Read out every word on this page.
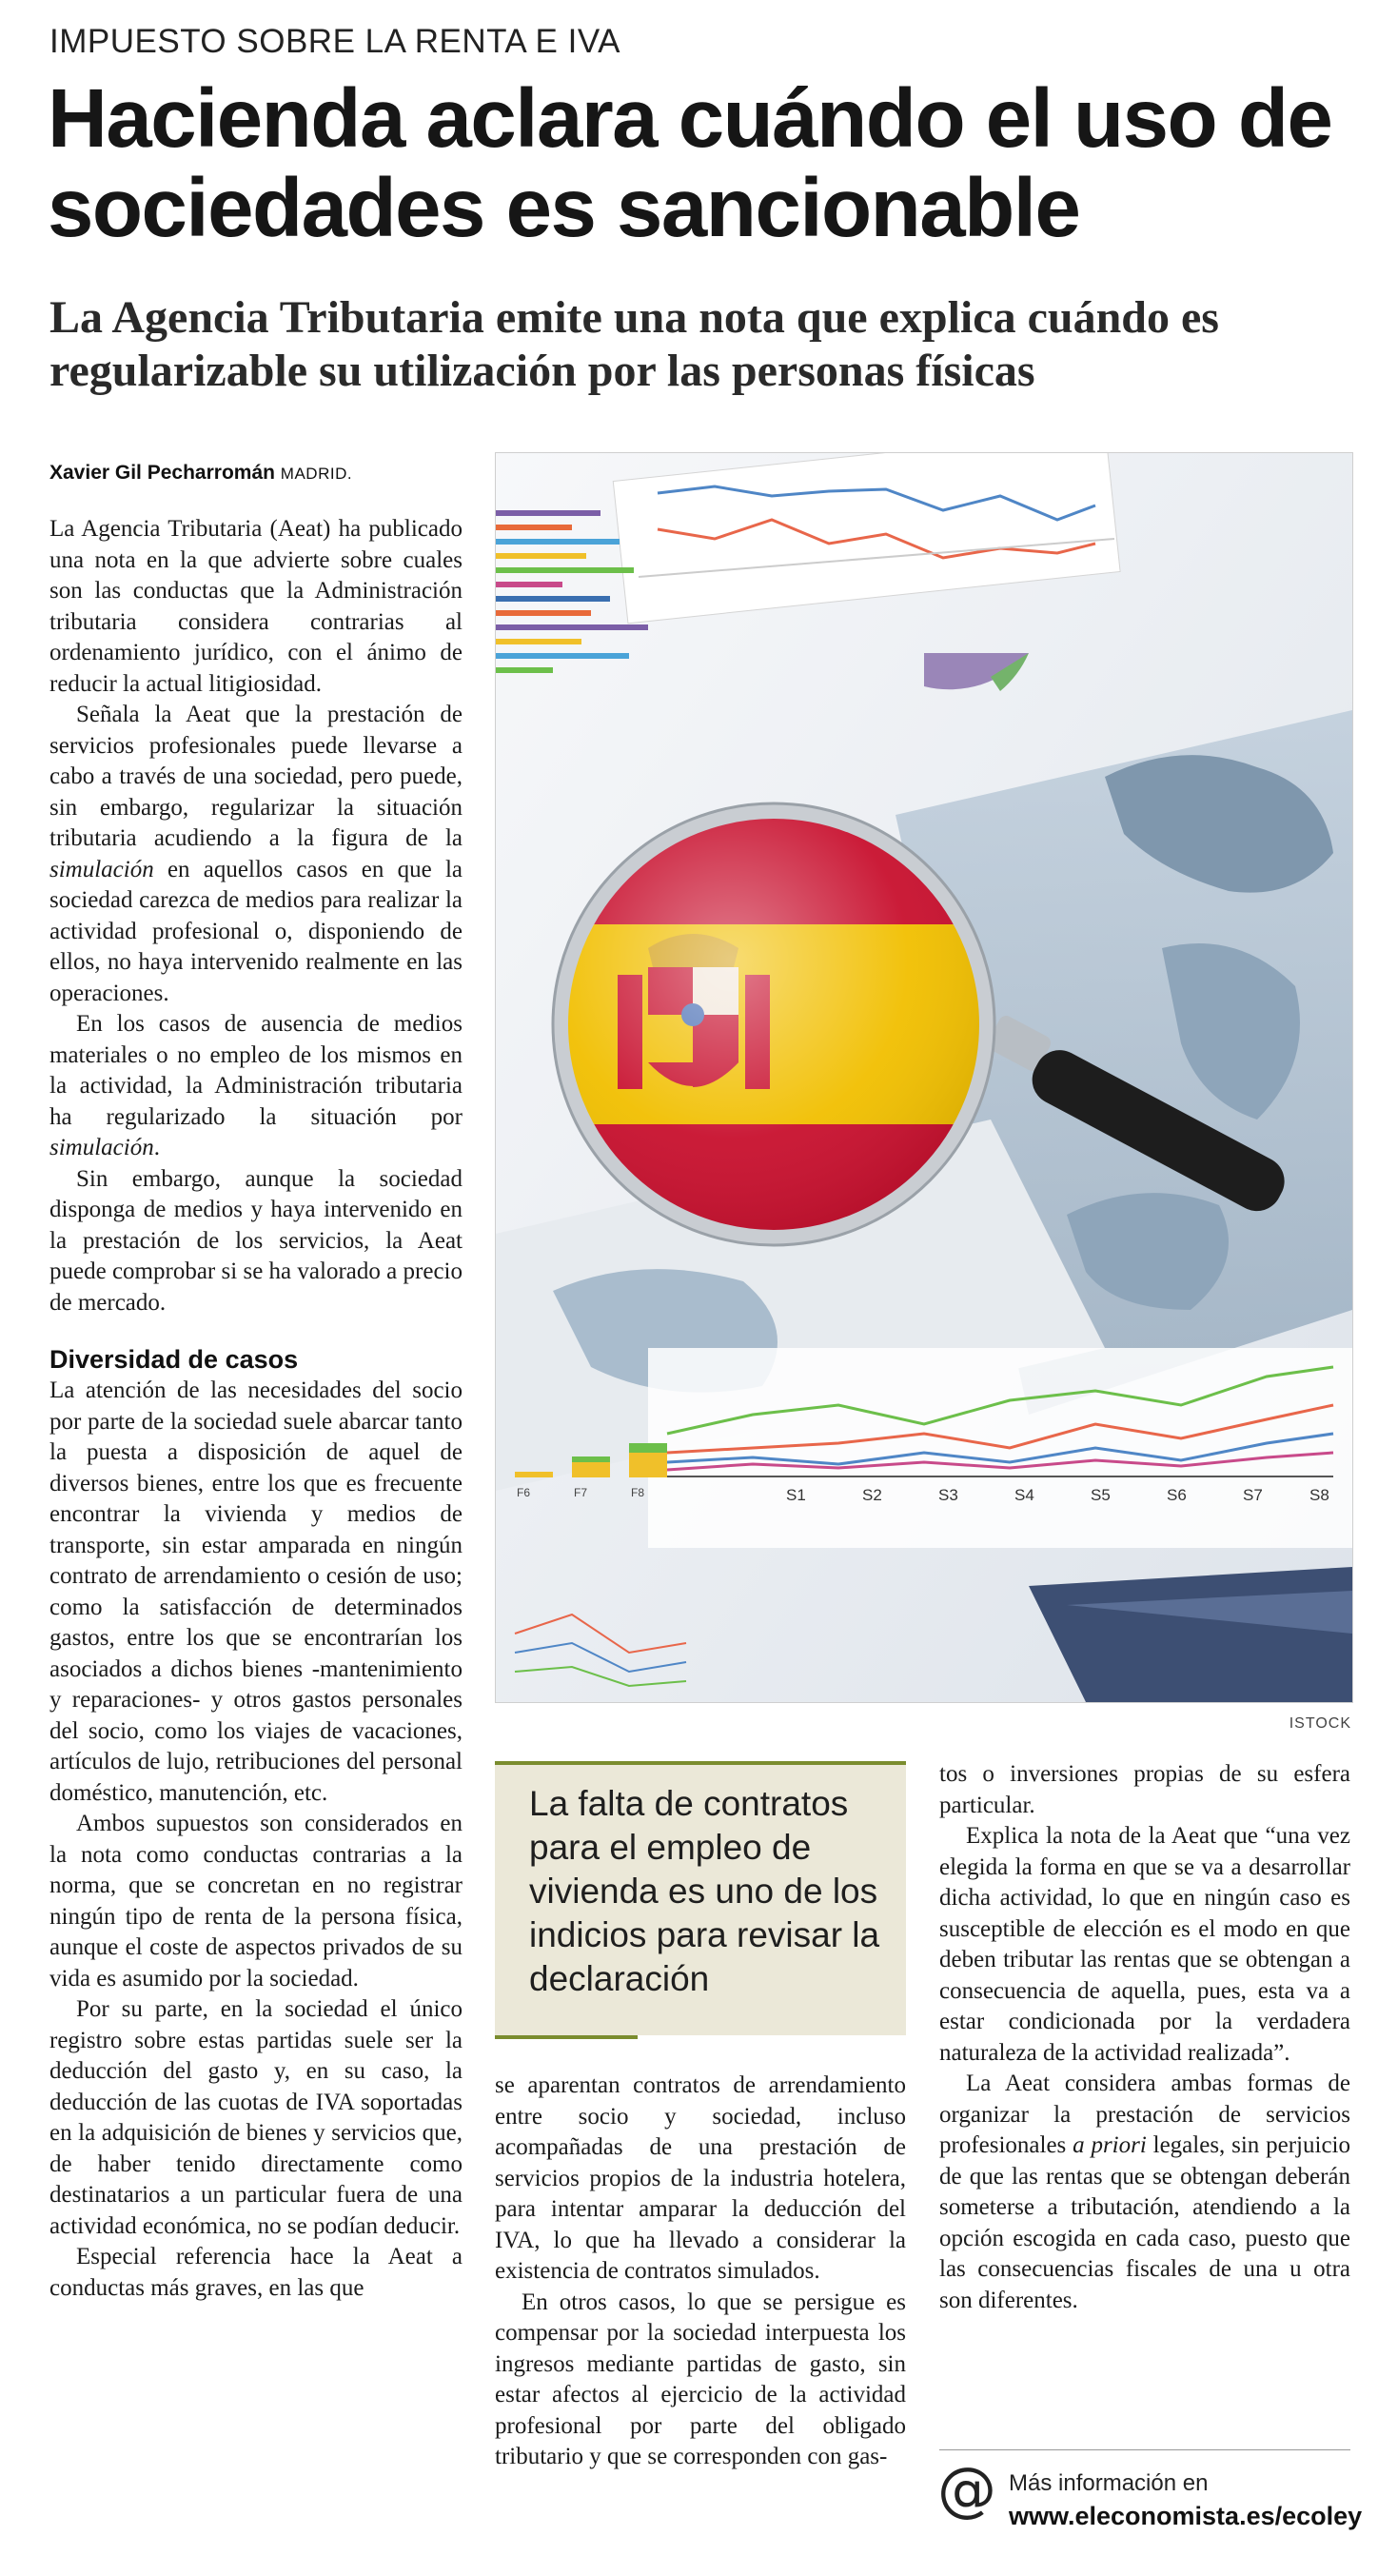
IMPUESTO SOBRE LA RENTA E IVA
Hacienda aclara cuándo el uso de sociedades es sancionable
La Agencia Tributaria emite una nota que explica cuándo es regularizable su utilización por las personas físicas
Xavier Gil Pecharromán MADRID.

La Agencia Tributaria (Aeat) ha publicado una nota en la que advierte sobre cuales son las conductas que la Administración tributaria considera contrarias al ordenamiento jurídico, con el ánimo de reducir la actual litigiosidad.

Señala la Aeat que la prestación de servicios profesionales puede llevarse a cabo a través de una sociedad, pero puede, sin embargo, regularizar la situación tributaria acudiendo a la figura de la simulación en aquellos casos en que la sociedad carezca de medios para realizar la actividad profesional o, disponiendo de ellos, no haya intervenido realmente en las operaciones.

En los casos de ausencia de medios materiales o no empleo de los mismos en la actividad, la Administración tributaria ha regularizado la situación por simulación.

Sin embargo, aunque la sociedad disponga de medios y haya intervenido en la prestación de los servicios, la Aeat puede comprobar si se ha valorado a precio de mercado.

Diversidad de casos

La atención de las necesidades del socio por parte de la sociedad suele abarcar tanto la puesta a disposición de aquel de diversos bienes, entre los que es frecuente encontrar la vivienda y medios de transporte, sin estar amparada en ningún contrato de arrendamiento o cesión de uso; como la satisfacción de determinados gastos, entre los que se encontrarían los asociados a dichos bienes -mantenimiento y reparaciones- y otros gastos personales del socio, como los viajes de vacaciones, artículos de lujo, retribuciones del personal doméstico, manutención, etc.

Ambos supuestos son considerados en la nota como conductas contrarias a la norma, que se concretan en no registrar ningún tipo de renta de la persona física, aunque el coste de aspectos privados de su vida es asumido por la sociedad.

Por su parte, en la sociedad el único registro sobre estas partidas suele ser la deducción del gasto y, en su caso, la deducción de las cuotas de IVA soportadas en la adquisición de bienes y servicios que, de haber tenido directamente como destinatarios a un particular fuera de una actividad económica, no se podían deducir.

Especial referencia hace la Aeat a conductas más graves, en las que

S1	S2	S3	S4	S5	S6	S7	S8
F6	F7	F8
ISTOCK

La falta de contratos para el empleo de vivienda es uno de los indicios para revisar la declaración

se aparentan contratos de arrendamiento entre socio y sociedad, incluso acompañadas de una prestación de servicios propios de la industria hotelera, para intentar amparar la deducción del IVA, lo que ha llevado a considerar la existencia de contratos simulados.

En otros casos, lo que se persigue es compensar por la sociedad interpuesta los ingresos mediante partidas de gasto, sin estar afectos al ejercicio de la actividad profesional por parte del obligado tributario y que se corresponden con gas-

tos o inversiones propias de su esfera particular.

Explica la nota de la Aeat que “una vez elegida la forma en que se va a desarrollar dicha actividad, lo que en ningún caso es susceptible de elección es el modo en que deben tributar las rentas que se obtengan a consecuencia de aquella, pues, esta va a estar condicionada por la verdadera naturaleza de la actividad realizada”.

La Aeat considera ambas formas de organizar la prestación de servicios profesionales a priori legales, sin perjuicio de que las rentas que se obtengan deberán someterse a tributación, atendiendo a la opción escogida en cada caso, puesto que las consecuencias fiscales de una u otra son diferentes.

@ Más información en
www.eleconomista.es/ecoley
